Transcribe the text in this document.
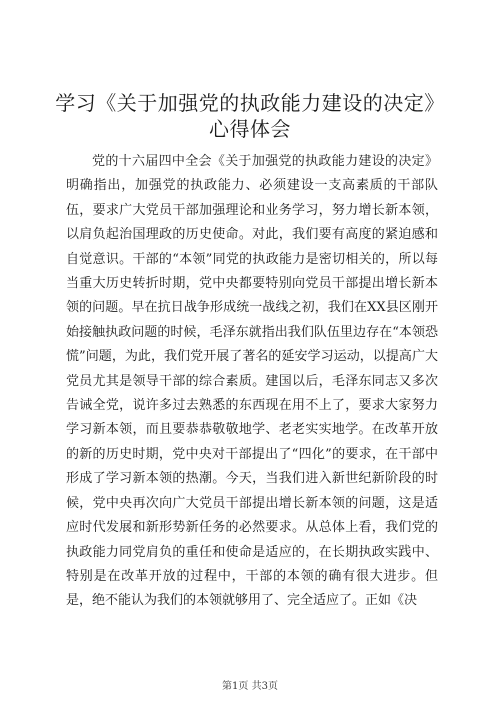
学习《关于加强党的执政能力建设的决定》心得体会

党的十六届四中全会《关于加强党的执政能力建设的决定》明确指出，加强党的执政能力、必须建设一支高素质的干部队伍，要求广大党员干部加强理论和业务学习，努力增长新本领，以肩负起治国理政的历史使命。对此，我们要有高度的紧迫感和自觉意识。干部的“本领”同党的执政能力是密切相关的，所以每当重大历史转折时期，党中央都要特别向党员干部提出增长新本领的问题。早在抗日战争形成统一战线之初，我们在XX县区刚开始接触执政问题的时候，毛泽东就指出我们队伍里边存在“本领恐慌”问题，为此，我们党开展了著名的延安学习运动，以提高广大党员尤其是领导干部的综合素质。建国以后，毛泽东同志又多次告诫全党，说许多过去熟悉的东西现在用不上了，要求大家努力学习新本领，而且要恭恭敬敬地学、老老实实地学。在改革开放的新的历史时期，党中央对干部提出了“四化”的要求，在干部中形成了学习新本领的热潮。今天，当我们进入新世纪新阶段的时候，党中央再次向广大党员干部提出增长新本领的问题，这是适应时代发展和新形势新任务的必然要求。从总体上看，我们党的执政能力同党肩负的重任和使命是适应的，在长期执政实践中、特别是在改革开放的过程中，干部的本领的确有很大进步。但是，绝不能认为我们的本领就够用了、完全适应了。正如《决

第1页 共3页
